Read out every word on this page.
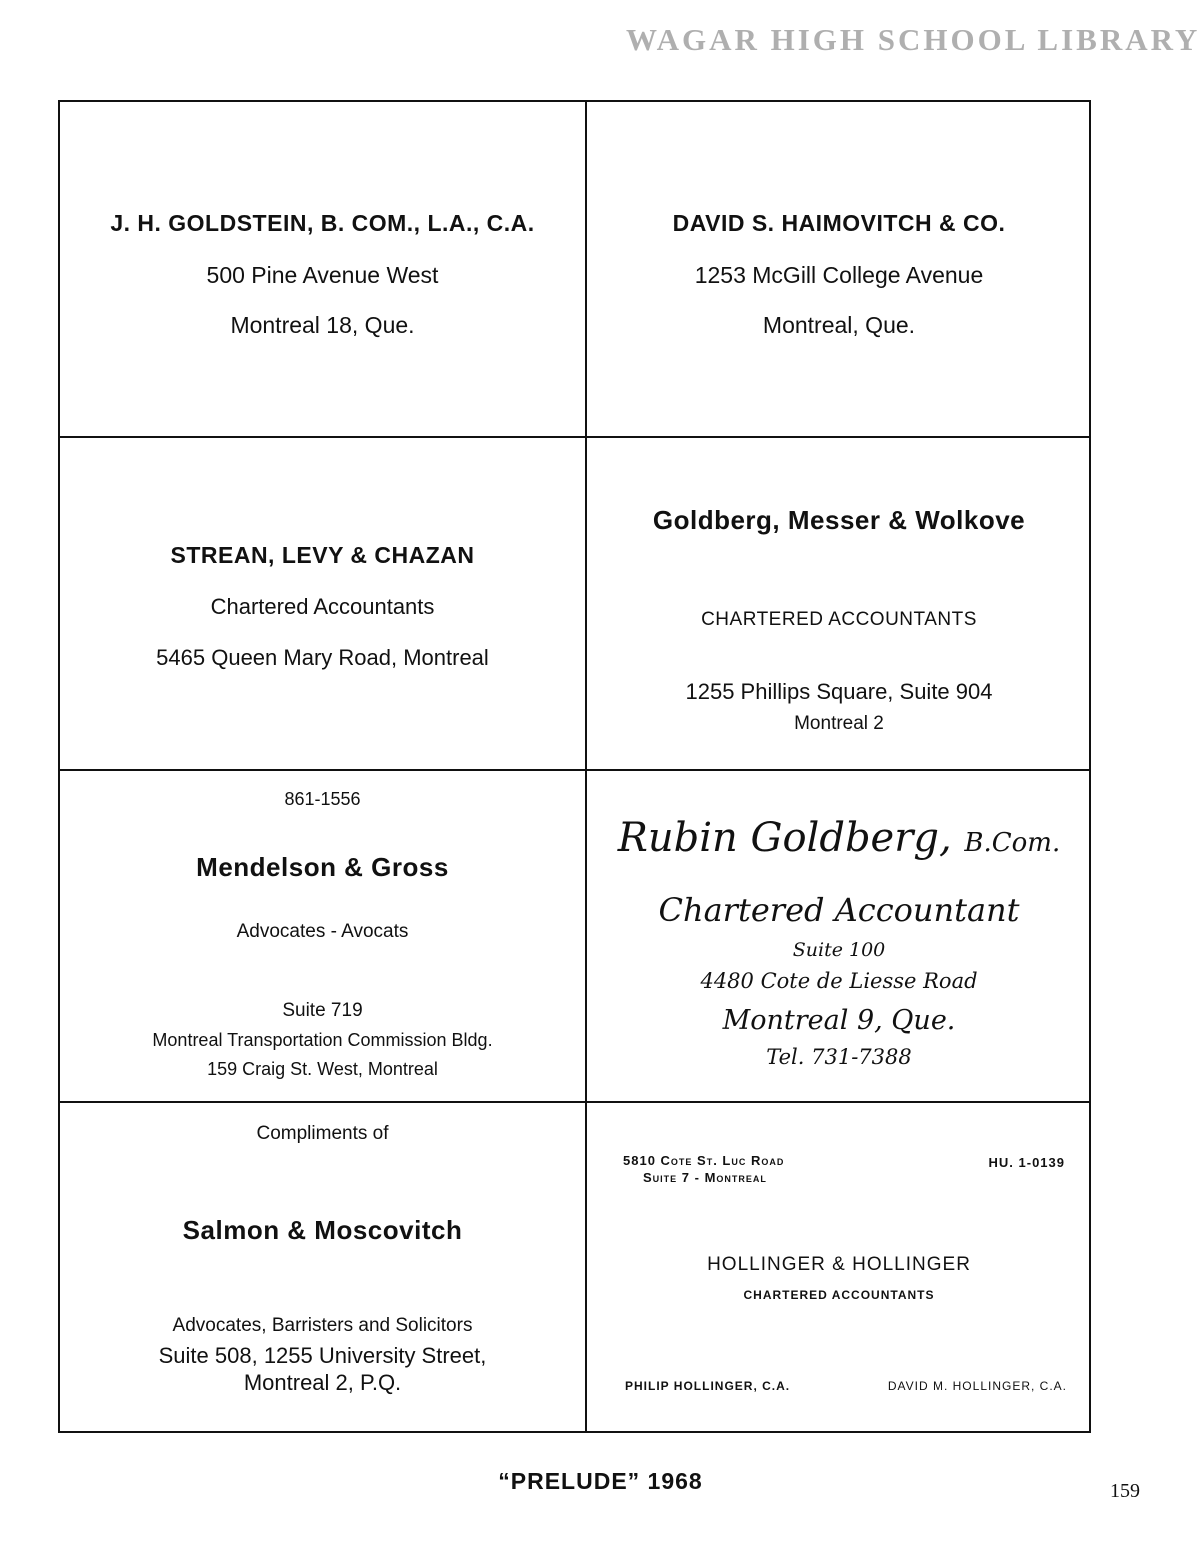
WAGAR HIGH SCHOOL LIBRARY
J. H. GOLDSTEIN, B. COM., L.A., C.A.
500 Pine Avenue West
Montreal 18, Que.
DAVID S. HAIMOVITCH & CO.
1253 McGill College Avenue
Montreal, Que.
STREAN, LEVY & CHAZAN
Chartered Accountants
5465 Queen Mary Road, Montreal
Goldberg, Messer & Wolkove
CHARTERED ACCOUNTANTS
1255 Phillips Square, Suite 904
Montreal 2
861-1556
Mendelson & Gross
Advocates - Avocats
Suite 719
Montreal Transportation Commission Bldg.
159 Craig St. West, Montreal
Rubin Goldberg, B.Com.
Chartered Accountant
Suite 100
4480 Cote de Liesse Road
Montreal 9, Que.
Tel. 731-7388
Compliments of
Salmon & Moscovitch
Advocates, Barristers and Solicitors
Suite 508, 1255 University Street,
Montreal 2, P.Q.
5810 Cote St. Luc Road
Suite 7 - Montreal
HU. 1-0139
HOLLINGER & HOLLINGER
CHARTERED ACCOUNTANTS
PHILIP HOLLINGER, C.A.	DAVID M. HOLLINGER, C.A.
“PRELUDE” 1968	159
